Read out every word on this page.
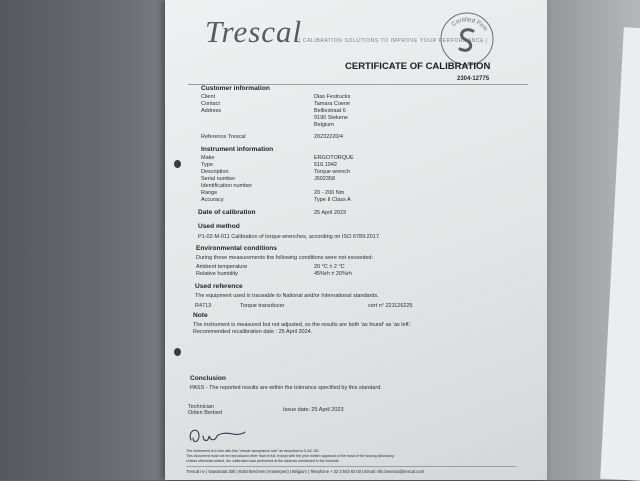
Trescal
| CALIBRATION SOLUTIONS TO IMPROVE YOUR PERFORMANCE |
Certified Firm
CERTIFICATE OF CALIBRATION
2304-12775
Customer information
Client	Dias Festrucks
Contact	Tamara Coene
Address	Belliestraat 6
9190 Stekene
Belgium
Reference Trescal	20232220/4
Instrument information
Make	ERGOTORQUE
Type	516.1942
Description	Torque wrench
Serial number	J602358
Identification number
Range	20 - 200 Nm
Accuracy	Type II Class A
Date of calibration	25 April 2023
Used method
P1-02-M-011 Calibration of torque wrenches, according on ISO 6789:2017.
Environmental conditions
During these measurements the following conditions were not exceeded:
Ambient temperature	20 °C ± 2 °C
Relative humidity	45%rh ± 20%rh
Used reference
The equipment used is traceable to National and/or International standards.
R4713	Torque transducer	cert n° 221126225
Note
The instrument is measured but not adjusted, so the results are both 'as found' as 'as left'.
Recommended recalibration date : 25 April 2024.
Conclusion
PASS - The reported results are within the tolerance specified by this standard.
Technician
Orlien Berbert	Issue date: 25 April 2023
The instrument is in line with this "simple acceptance rule" as described in ILAC-G8.
This document must not be reproduced other than in full, except with the prior written approval of the head of the issuing laboratory.
Unless otherwise stated, the calibration was performed at the address mentioned in the footnote.
Trescal nv | Vaasstraat 200 | 9160 Berchem (Antwerpen) | Belgium | Telephone + 32 3 543 63 00 | Email: info.benelux@trescal.com
